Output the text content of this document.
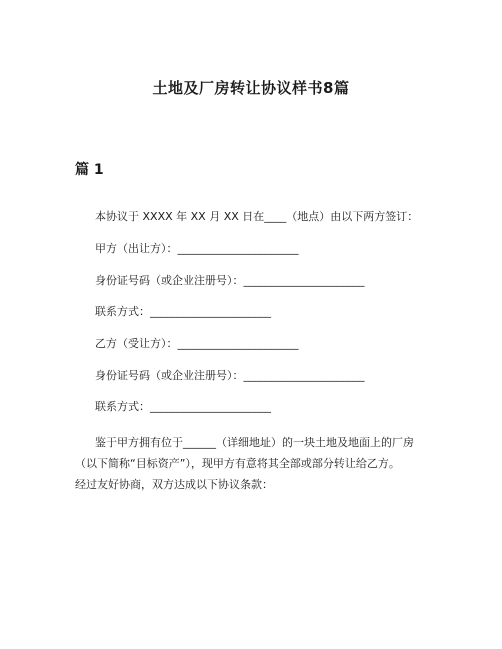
土地及厂房转让协议样书8篇
篇 1

本协议于 XXXX 年 XX 月 XX 日在____（地点）由以下两方签订：

甲方（出让方）：______________________

身份证号码（或企业注册号）：______________________

联系方式：______________________

乙方（受让方）：______________________

身份证号码（或企业注册号）：______________________

联系方式：______________________

鉴于甲方拥有位于______（详细地址）的一块土地及地面上的厂房
（以下简称“目标资产”），现甲方有意将其全部或部分转让给乙方。
经过友好协商，双方达成以下协议条款：
